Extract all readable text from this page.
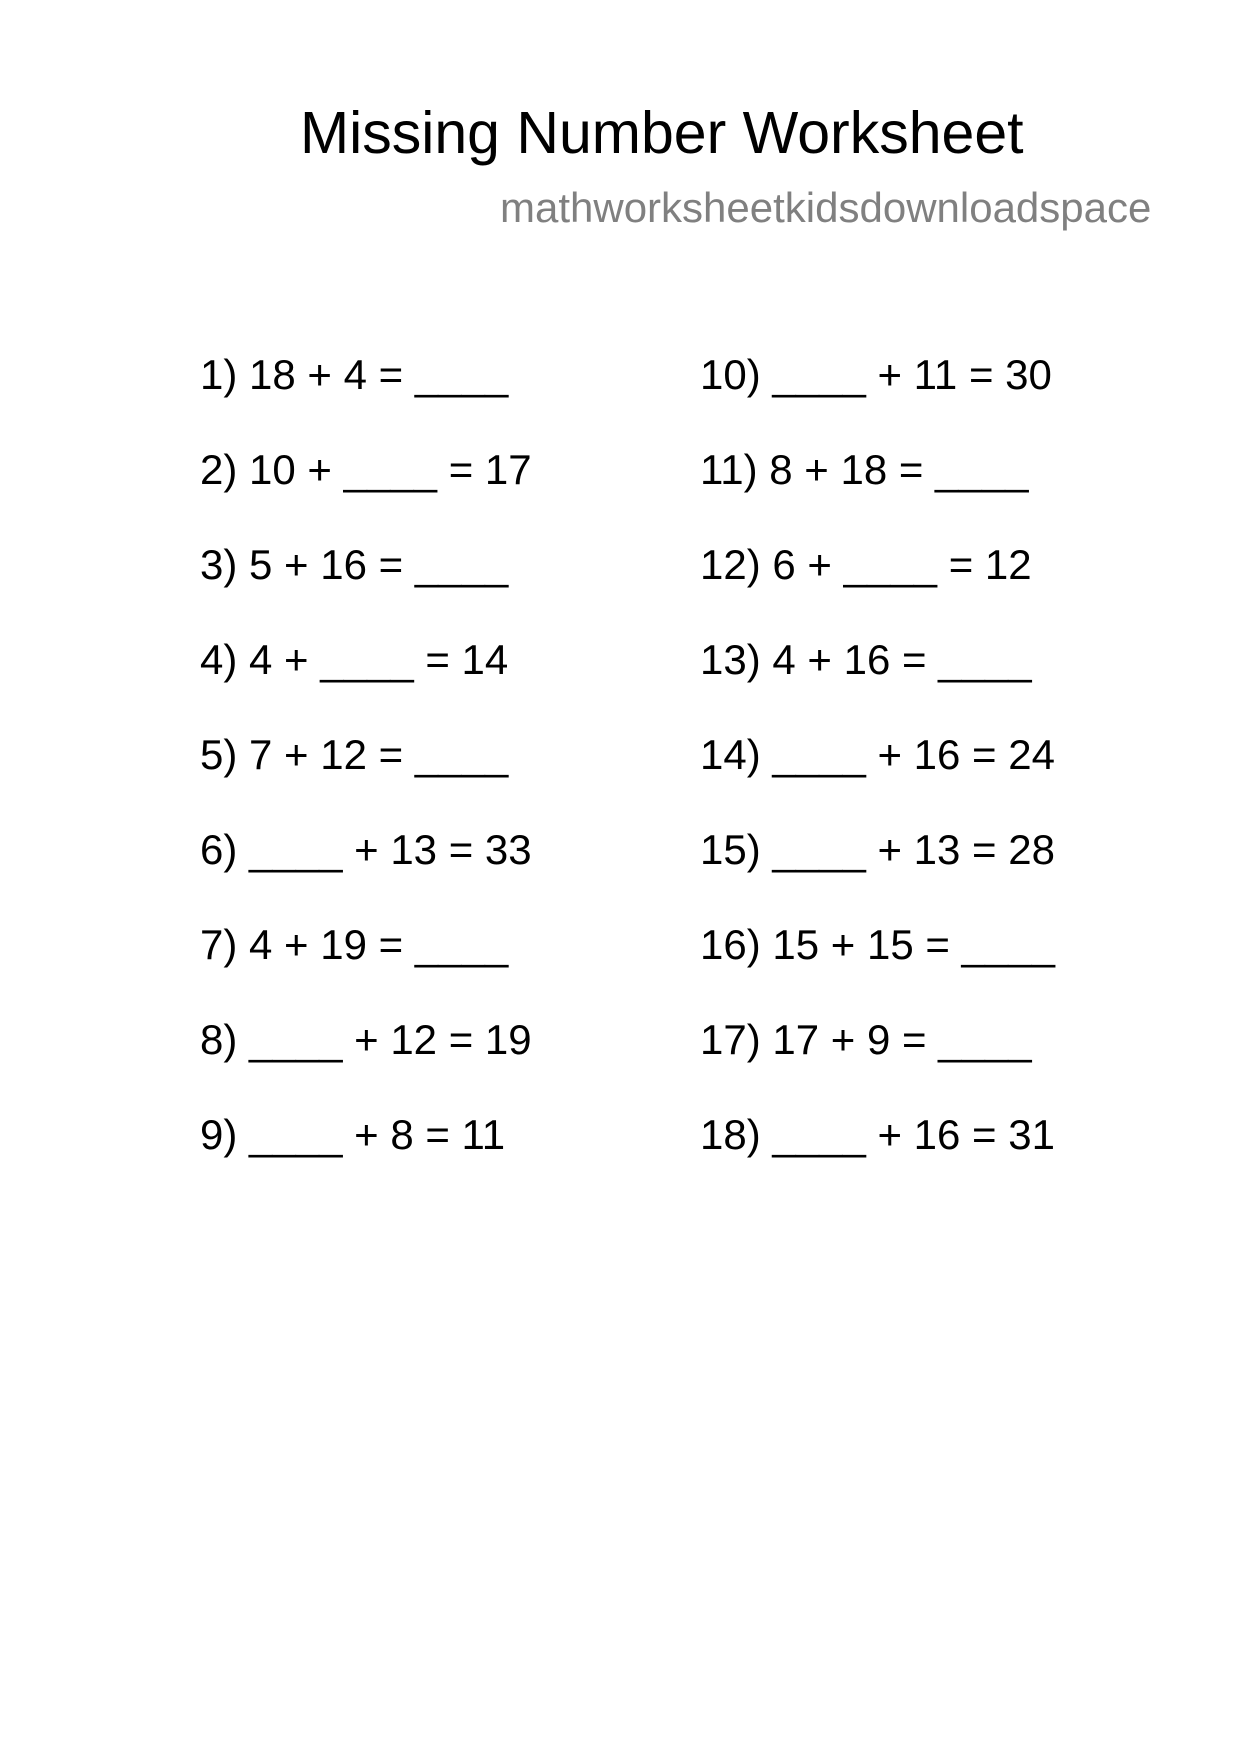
Missing Number Worksheet
mathworksheetkidsdownloadspace
1) 18 + 4 = ____
2) 10 + ____ = 17
3) 5 + 16 = ____
4) 4 + ____ = 14
5) 7 + 12 = ____
6) ____ + 13 = 33
7) 4 + 19 = ____
8) ____ + 12 = 19
9) ____ + 8 = 11
10) ____ + 11 = 30
11) 8 + 18 = ____
12) 6 + ____ = 12
13) 4 + 16 = ____
14) ____ + 16 = 24
15) ____ + 13 = 28
16) 15 + 15 = ____
17) 17 + 9 = ____
18) ____ + 16 = 31
